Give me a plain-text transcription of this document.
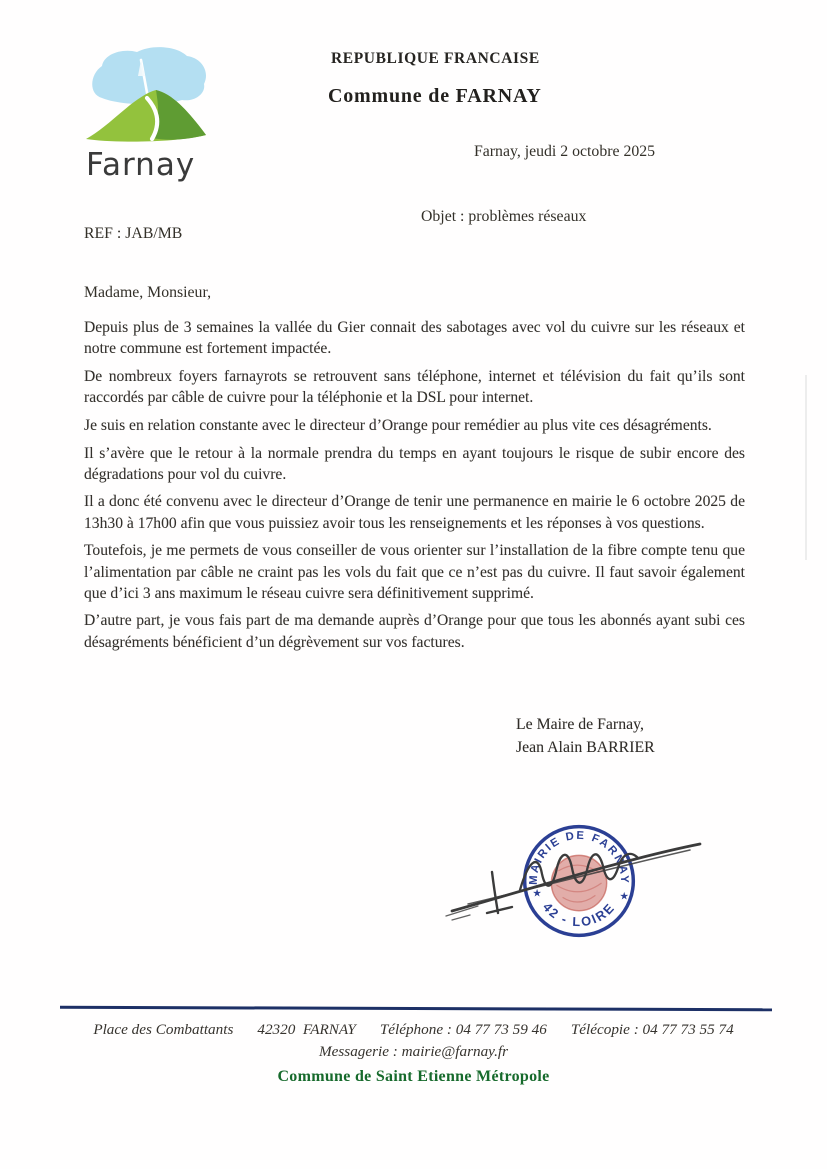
Farnay
REPUBLIQUE FRANCAISE
Commune de FARNAY
Farnay, jeudi 2 octobre 2025
Objet : problèmes réseaux
REF : JAB/MB
Madame, Monsieur,

Depuis plus de 3 semaines la vallée du Gier connait des sabotages avec vol du cuivre sur les réseaux et notre commune est fortement impactée.

De nombreux foyers farnayrots se retrouvent sans téléphone, internet et télévision du fait qu’ils sont raccordés par câble de cuivre pour la téléphonie et la DSL pour internet.

Je suis en relation constante avec le directeur d’Orange pour remédier au plus vite ces désagréments.

Il s’avère que le retour à la normale prendra du temps en ayant toujours le risque de subir encore des dégradations pour vol du cuivre.

Il a donc été convenu avec le directeur d’Orange de tenir une permanence en mairie le 6 octobre 2025 de 13h30 à 17h00 afin que vous puissiez avoir tous les renseignements et les réponses à vos questions.

Toutefois, je me permets de vous conseiller de vous orienter sur l’installation de la fibre compte tenu que l’alimentation par câble ne craint pas les vols du fait que ce n’est pas du cuivre. Il faut savoir également que d’ici 3 ans maximum le réseau cuivre sera définitivement supprimé.

D’autre part, je vous fais part de ma demande auprès d’Orange pour que tous les abonnés ayant subi ces désagréments bénéficient d’un dégrèvement sur vos factures.

Le Maire de Farnay,
Jean Alain BARRIER
MAIRIE DE FARNAY
42 - LOIRE
★	★
Place des Combattants 42320  FARNAY Téléphone : 04 77 73 59 46 Télécopie : 04 77 73 55 74
Messagerie : mairie@farnay.fr
Commune de Saint Etienne Métropole
